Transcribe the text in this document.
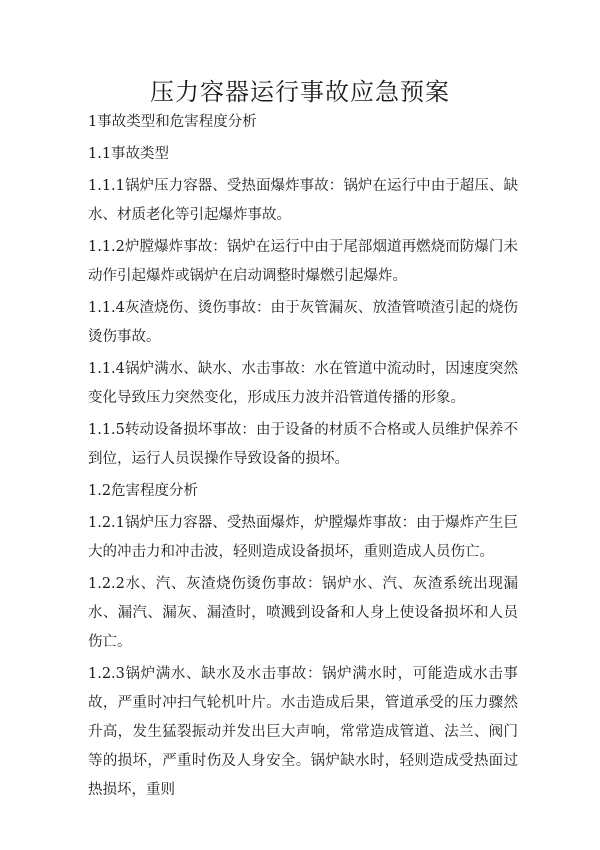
压力容器运行事故应急预案

1事故类型和危害程度分析

1.1事故类型

1.1.1锅炉压力容器、受热面爆炸事故：锅炉在运行中由于超压、缺水、材质老化等引起爆炸事故。

1.1.2炉膛爆炸事故：锅炉在运行中由于尾部烟道再燃烧而防爆门未动作引起爆炸或锅炉在启动调整时爆燃引起爆炸。

1.1.4灰渣烧伤、烫伤事故：由于灰管漏灰、放渣管喷渣引起的烧伤烫伤事故。

1.1.4锅炉满水、缺水、水击事故：水在管道中流动时，因速度突然变化导致压力突然变化，形成压力波并沿管道传播的形象。

1.1.5转动设备损坏事故：由于设备的材质不合格或人员维护保养不到位，运行人员误操作导致设备的损坏。

1.2危害程度分析

1.2.1锅炉压力容器、受热面爆炸，炉膛爆炸事故：由于爆炸产生巨大的冲击力和冲击波，轻则造成设备损坏，重则造成人员伤亡。

1.2.2水、汽、灰渣烧伤烫伤事故：锅炉水、汽、灰渣系统出现漏水、漏汽、漏灰、漏渣时，喷溅到设备和人身上使设备损坏和人员伤亡。

1.2.3锅炉满水、缺水及水击事故：锅炉满水时，可能造成水击事故，严重时冲扫气轮机叶片。水击造成后果，管道承受的压力骤然升高，发生猛裂振动并发出巨大声响，常常造成管道、法兰、阀门等的损坏，严重时伤及人身安全。锅炉缺水时，轻则造成受热面过热损坏，重则
